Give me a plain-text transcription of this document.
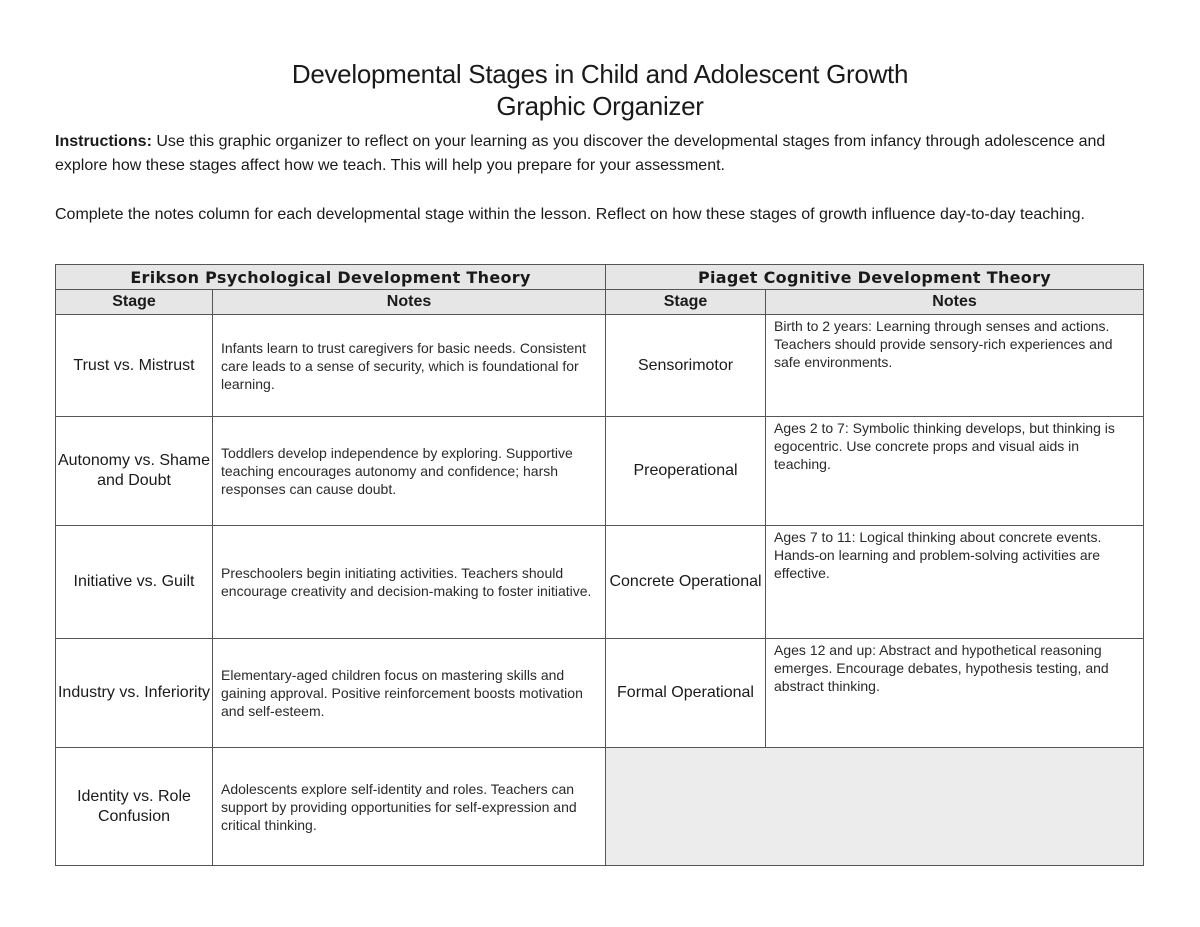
Developmental Stages in Child and Adolescent Growth
Graphic Organizer
Instructions: Use this graphic organizer to reflect on your learning as you discover the developmental stages from infancy through adolescence and explore how these stages affect how we teach. This will help you prepare for your assessment.
Complete the notes column for each developmental stage within the lesson. Reflect on how these stages of growth influence day-to-day teaching.
Erikson Psychological Development Theory		Piaget Cognitive Development Theory	
Stage	Notes	Stage	Notes
Trust vs. Mistrust	Infants learn to trust caregivers for basic needs. Consistent care leads to a sense of security, which is foundational for learning.	Sensorimotor	Birth to 2 years: Learning through senses and actions. Teachers should provide sensory-rich experiences and safe environments.
Autonomy vs. Shame and Doubt	Toddlers develop independence by exploring. Supportive teaching encourages autonomy and confidence; harsh responses can cause doubt.	Preoperational	Ages 2 to 7: Symbolic thinking develops, but thinking is egocentric. Use concrete props and visual aids in teaching.
Initiative vs. Guilt	Preschoolers begin initiating activities. Teachers should encourage creativity and decision-making to foster initiative.	Concrete Operational	Ages 7 to 11: Logical thinking about concrete events. Hands-on learning and problem-solving activities are effective.
Industry vs. Inferiority	Elementary-aged children focus on mastering skills and gaining approval. Positive reinforcement boosts motivation and self-esteem.	Formal Operational	Ages 12 and up: Abstract and hypothetical reasoning emerges. Encourage debates, hypothesis testing, and abstract thinking.
Identity vs. Role Confusion	Adolescents explore self-identity and roles. Teachers can support by providing opportunities for self-expression and critical thinking.		
